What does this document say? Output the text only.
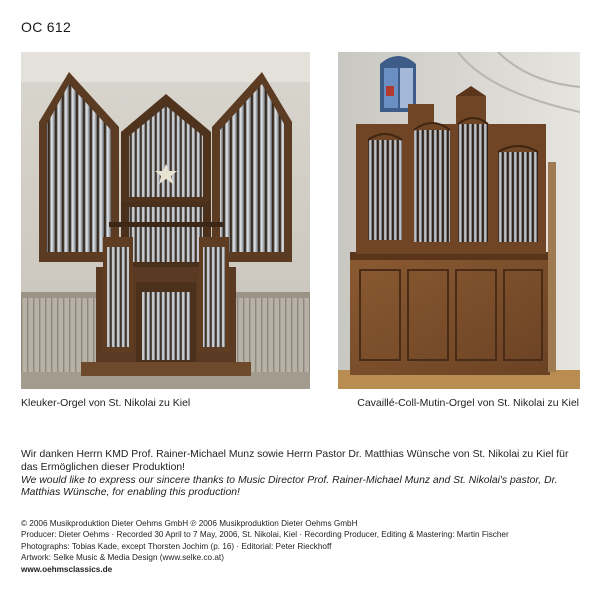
OC 612
Kleuker-Orgel von St. Nikolai zu Kiel	Cavaillé-Coll-Mutin-Orgel von St. Nikolai zu Kiel

Wir danken Herrn KMD Prof. Rainer-Michael Munz sowie Herrn Pastor Dr. Matthias Wünsche von St. Nikolai zu Kiel für das Ermöglichen dieser Produktion!

We would like to express our sincere thanks to Music Director Prof. Rainer-Michael Munz and St. Nikolai's pastor, Dr. Matthias Wünsche, for enabling this production!

© 2006 Musikproduktion Dieter Oehms GmbH ℗ 2006 Musikproduktion Dieter Oehms GmbH
Producer: Dieter Oehms · Recorded 30 April to 7 May, 2006, St. Nikolai, Kiel · Recording Producer, Editing & Mastering: Martin Fischer
Photographs: Tobias Kade, except Thorsten Jochim (p. 16) · Editorial: Peter Rieckhoff
Artwork: Selke Music & Media Design (www.selke.co.at)
www.oehmsclassics.de
